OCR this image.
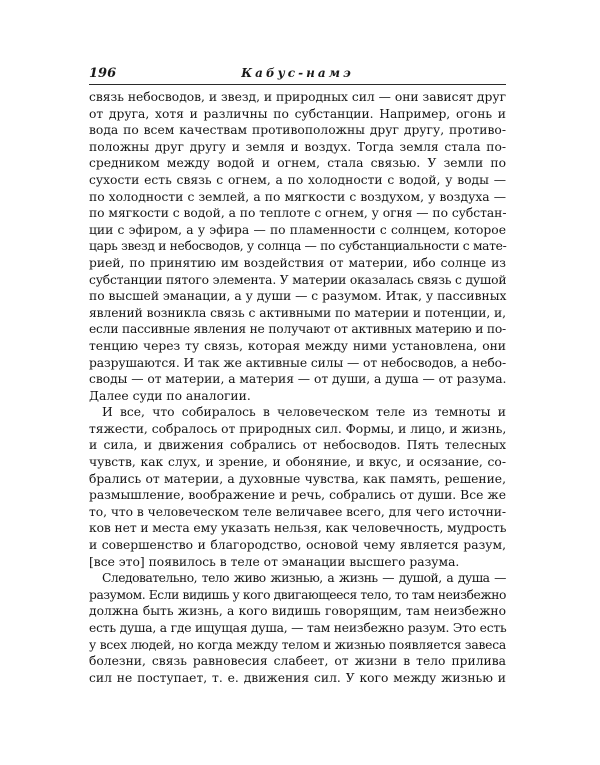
196	Кабус-намэ

связь небосводов, и звезд, и природных сил — они зависят друг
от друга, хотя и различны по субстанции. Например, огонь и
вода по всем качествам противоположны друг другу, противо-
положны друг другу и земля и воздух. Тогда земля стала по-
средником между водой и огнем, стала связью. У земли по
сухости есть связь с огнем, а по холодности с водой, у воды —
по холодности с землей, а по мягкости с воздухом, у воздуха —
по мягкости с водой, а по теплоте с огнем, у огня — по субстан-
ции с эфиром, а у эфира — по пламенности с солнцем, которое
царь звезд и небосводов, у солнца — по субстанциальности с мате-
рией, по принятию им воздействия от материи, ибо солнце из
субстанции пятого элемента. У материи оказалась связь с душой
по высшей эманации, а у души — с разумом. Итак, у пассивных
явлений возникла связь с активными по материи и потенции, и,
если пассивные явления не получают от активных материю и по-
тенцию через ту связь, которая между ними установлена, они
разрушаются. И так же активные силы — от небосводов, а небо-
своды — от материи, а материя — от души, а душа — от разума.
Далее суди по аналогии.

И все, что собиралось в человеческом теле из темноты и
тяжести, собралось от природных сил. Формы, и лицо, и жизнь,
и сила, и движения собрались от небосводов. Пять телесных
чувств, как слух, и зрение, и обоняние, и вкус, и осязание, со-
брались от материи, а духовные чувства, как память, решение,
размышление, воображение и речь, собрались от души. Все же
то, что в человеческом теле величавее всего, для чего источни-
ков нет и места ему указать нельзя, как человечность, мудрость
и совершенство и благородство, основой чему является разум,
[все это] появилось в теле от эманации высшего разума.

Следовательно, тело живо жизнью, а жизнь — душой, а душа —
разумом. Если видишь у кого двигающееся тело, то там неизбежно
должна быть жизнь, а кого видишь говорящим, там неизбежно
есть душа, а где ищущая душа, — там неизбежно разум. Это есть
у всех людей, но когда между телом и жизнью появляется завеса
болезни, связь равновесия слабеет, от жизни в тело прилива
сил не поступает, т. е. движения сил. У кого между жизнью и
